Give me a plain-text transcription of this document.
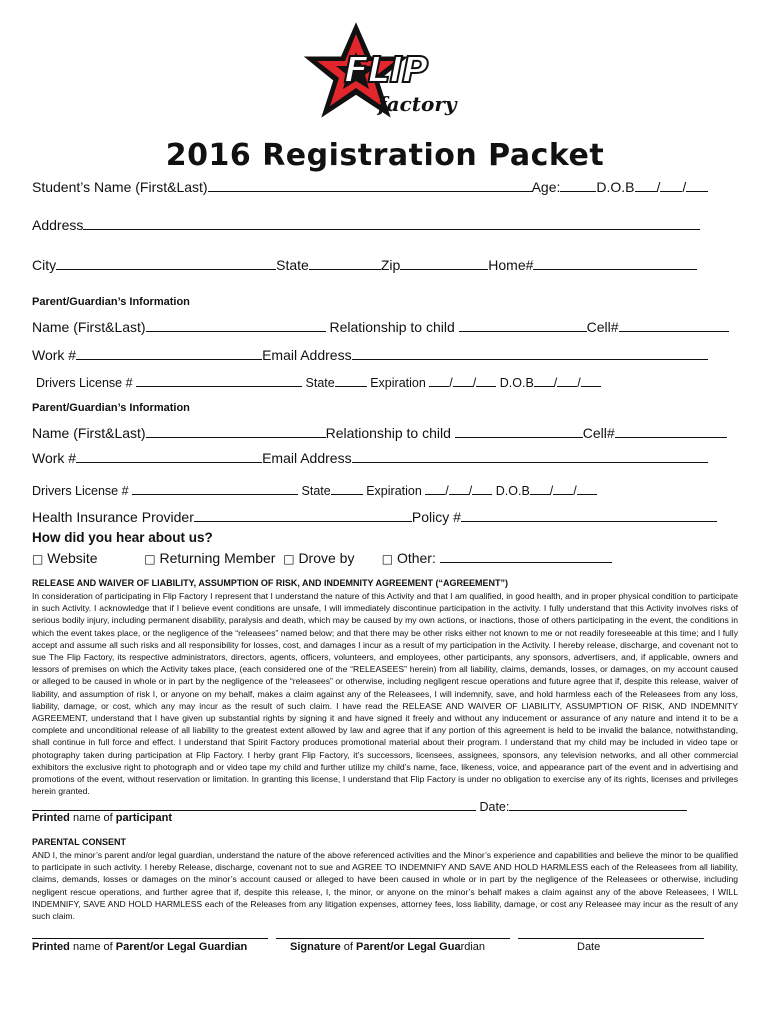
FLIP
factory
2016 Registration Packet
Student’s Name (First&Last)	Age:	D.O.B / /
Address
City	State	Zip	Home#
Parent/Guardian’s Information
Name (First&Last)	Relationship to child	Cell#
Work #	Email Address
Drivers License #	State	Expiration / / D.O.B / /
Parent/Guardian’s Information
Name (First&Last)	Relationship to child	Cell#
Work #	Email Address
Drivers License #	State	Expiration / / D.O.B / /
Health Insurance Provider	Policy #
How did you hear about us?
□ Website	□ Returning Member □ Drove by □ Other:
RELEASE AND WAIVER OF LIABILITY, ASSUMPTION OF RISK, AND INDEMNITY AGREEMENT (“AGREEMENT”)

In consideration of participating in Flip Factory I represent that I understand the nature of this Activity and that I am qualified, in good health, and in proper physical condition to participate in such Activity. I acknowledge that if I believe event conditions are unsafe, I will immediately discontinue participation in the activity. I fully understand that this Activity involves risks of serious bodily injury, including permanent disability, paralysis and death, which may be caused by my own actions, or inactions, those of others participating in the event, the conditions in which the event takes place, or the negligence of the “releasees” named below; and that there may be other risks either not known to me or not readily foreseeable at this time; and I fully accept and assume all such risks and all responsibility for losses, cost, and damages I incur as a result of my participation in the Activity. I hereby release, discharge, and covenant not to sue The Flip Factory, its respective administrators, directors, agents, officers, volunteers, and employees, other participants, any sponsors, advertisers, and, if applicable, owners and lessors of premises on which the Activity takes place, (each considered one of the “RELEASEES” herein) from all liability, claims, demands, losses, or damages, on my account caused or alleged to be caused in whole or in part by the negligence of the “releasees” or otherwise, including negligent rescue operations and future agree that if, despite this release, waiver of liability, and assumption of risk I, or anyone on my behalf, makes a claim against any of the Releasees, I will indemnify, save, and hold harmless each of the Releasees from any loss, liability, damage, or cost, which any may incur as the result of such claim. I have read the RELEASE AND WAIVER OF LIABILITY, ASSUMPTION OF RISK, AND INDEMNITY AGREEMENT, understand that I have given up substantial rights by signing it and have signed it freely and without any inducement or assurance of any nature and intend it to be a complete and unconditional release of all liability to the greatest extent allowed by law and agree that if any portion of this agreement is held to be invalid the balance, notwithstanding, shall continue in full force and effect. I understand that Spirit Factory produces promotional material about their program. I understand that my child may be included in video tape or photography taken during participation at Flip Factory. I herby grant Flip Factory, it’s successors, licensees, assignees, sponsors, any television networks, and all other commercial exhibitors the exclusive right to photograph and or video tape my child and further utilize my child’s name, face, likeness, voice, and appearance part of the event and in advertising and promotions of the event, without reservation or limitation. In granting this license, I understand that Flip Factory is under no obligation to exercise any of its rights, licenses and privileges herein granted.

Date:
Printed name of participant
PARENTAL CONSENT

AND I, the minor’s parent and/or legal guardian, understand the nature of the above referenced activities and the Minor’s experience and capabilities and believe the minor to be qualified to participate in such activity. I hereby Release, discharge, covenant not to sue and AGREE TO INDEMNIFY AND SAVE AND HOLD HARMLESS each of the Releasees from all liability, claims, demands, losses or damages on the minor’s account caused or alleged to have been caused in whole or in part by the negligence of the Releasees or otherwise, including negligent rescue operations, and further agree that if, despite this release, I, the minor, or anyone on the minor’s behalf makes a claim against any of the above Releasees, I WILL INDEMNIFY, SAVE AND HOLD HARMLESS each of the Releases from any litigation expenses, attorney fees, loss liability, damage, or cost any Releasee may incur as the result of any such claim.

Printed name of Parent/or Legal Guardian	Signature of Parent/or Legal Guardian	Date
